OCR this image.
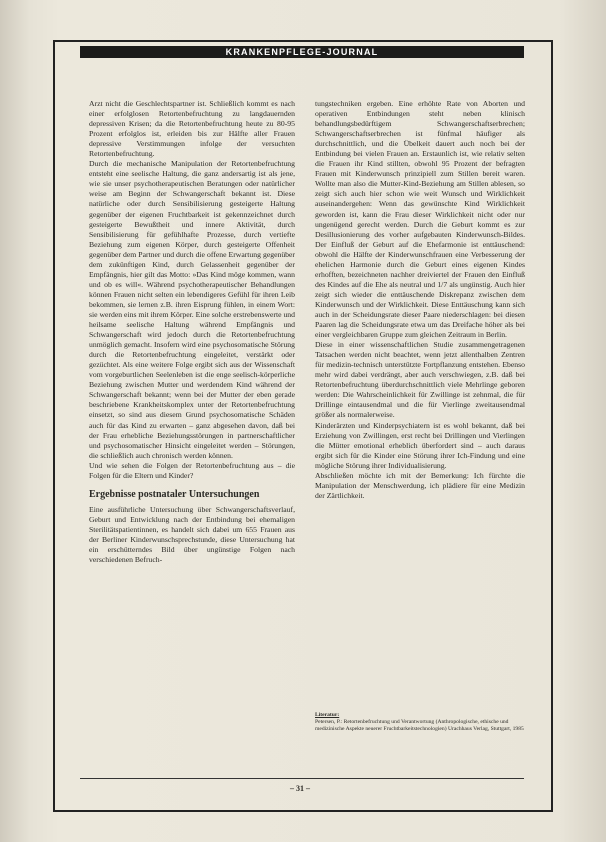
KRANKENPFLEGE-JOURNAL

Arzt nicht die Geschlechtspartner ist. Schließlich kommt es nach einer erfolglosen Retortenbefruchtung zu langdauernden depressiven Krisen; da die Retortenbefruchtung heute zu 80-95 Prozent erfolglos ist, erleiden bis zur Hälfte aller Frauen depressive Verstimmungen infolge der versuchten Retortenbefruchtung.

Durch die mechanische Manipulation der Retortenbefruchtung entsteht eine seelische Haltung, die ganz andersartig ist als jene, wie sie unser psychotherapeutischen Beratungen oder natürlicher weise am Beginn der Schwangerschaft bekannt ist. Diese natürliche oder durch Sensibilisierung gesteigerte Haltung gegenüber der eigenen Fruchtbarkeit ist gekennzeichnet durch gesteigerte Bewußtheit und innere Aktivität, durch Sensibilisierung für gefühlhafte Prozesse, durch vertiefte Beziehung zum eigenen Körper, durch gesteigerte Offenheit gegenüber dem Partner und durch die offene Erwartung gegenüber dem zukünftigen Kind, durch Gelassenheit gegenüber der Empfängnis, hier gilt das Motto: »Das Kind möge kommen, wann und ob es will«. Während psychotherapeutischer Behandlungen können Frauen nicht selten ein lebendigeres Gefühl für ihren Leib bekommen, sie lernen z.B. ihren Eisprung fühlen, in einem Wort: sie werden eins mit ihrem Körper. Eine solche erstrebenswerte und heilsame seelische Haltung während Empfängnis und Schwangerschaft wird jedoch durch die Retortenbefruchtung unmöglich gemacht. Insofern wird eine psychosomatische Störung durch die Retortenbefruchtung eingeleitet, verstärkt oder gezüchtet. Als eine weitere Folge ergibt sich aus der Wissenschaft vom vorgeburtlichen Seelenleben ist die enge seelisch-körperliche Beziehung zwischen Mutter und werdendem Kind während der Schwangerschaft bekannt; wenn bei der Mutter der eben gerade beschriebene Krankheitskomplex unter der Retortenbefruchtung einsetzt, so sind aus diesem Grund psychosomatische Schäden auch für das Kind zu erwarten – ganz abgesehen davon, daß bei der Frau erhebliche Beziehungsstörungen in partnerschaftlicher und psychosomatischer Hinsicht eingeleitet werden – Störungen, die schließlich auch chronisch werden können.

Und wie sehen die Folgen der Retortenbefruchtung aus – die Folgen für die Eltern und Kinder?

Ergebnisse postnataler Untersuchungen

Eine ausführliche Untersuchung über Schwangerschaftsverlauf, Geburt und Entwicklung nach der Entbindung bei ehemaligen Sterilitätspatientinnen, es handelt sich dabei um 655 Frauen aus der Berliner Kinderwunschsprechstunde, diese Untersuchung hat ein erschütterndes Bild über ungünstige Folgen nach verschiedenen Befruch-

tungstechniken ergeben. Eine erhöhte Rate von Aborten und operativen Entbindungen steht neben klinisch behandlungsbedürftigem Schwangerschaftserbrechen; Schwangerschaftserbrechen ist fünfmal häufiger als durchschnittlich, und die Übelkeit dauert auch noch bei der Entbindung bei vielen Frauen an. Erstaunlich ist, wie relativ selten die Frauen ihr Kind stillten, obwohl 95 Prozent der befragten Frauen mit Kinderwunsch prinzipiell zum Stillen bereit waren. Wollte man also die Mutter-Kind-Beziehung am Stillen ablesen, so zeigt sich auch hier schon wie weit Wunsch und Wirklichkeit auseinandergehen: Wenn das gewünschte Kind Wirklichkeit geworden ist, kann die Frau dieser Wirklichkeit nicht oder nur ungenügend gerecht werden. Durch die Geburt kommt es zur Desillusionierung des vorher aufgebauten Kinderwunsch-Bildes. Der Einfluß der Geburt auf die Ehefarmonie ist enttäuschend: obwohl die Hälfte der Kinderwunschfrauen eine Verbesserung der ehelichen Harmonie durch die Geburt eines eigenen Kindes erhofften, bezeichneten nachher dreiviertel der Frauen den Einfluß des Kindes auf die Ehe als neutral und 1/7 als ungünstig. Auch hier zeigt sich wieder die enttäuschende Diskrepanz zwischen dem Kinderwunsch und der Wirklichkeit. Diese Enttäuschung kann sich auch in der Scheidungsrate dieser Paare niederschlagen: bei diesen Paaren lag die Scheidungsrate etwa um das Dreifache höher als bei einer vergleichbaren Gruppe zum gleichen Zeitraum in Berlin.

Diese in einer wissenschaftlichen Studie zusammengetragenen Tatsachen werden nicht beachtet, wenn jetzt allenthalben Zentren für medizin-technisch unterstützte Fortpflanzung entstehen. Ebenso mehr wird dabei verdrängt, aber auch verschwiegen, z.B. daß bei Retortenbefruchtung überdurchschnittlich viele Mehrlinge geboren werden: Die Wahrscheinlichkeit für Zwillinge ist zehnmal, die für Drillinge eintausendmal und die für Vierlinge zweitausendmal größer als normalerweise.

Kinderärzten und Kinderpsychiatern ist es wohl bekannt, daß bei Erziehung von Zwillingen, erst recht bei Drillingen und Vierlingen die Mütter emotional erheblich überfordert sind – auch daraus ergibt sich für die Kinder eine Störung ihrer Ich-Findung und eine mögliche Störung ihrer Individualisierung.

Abschließen möchte ich mit der Bemerkung: Ich fürchte die Manipulation der Menschwerdung, ich plädiere für eine Medizin der Zärtlichkeit.

Literatur:
Petersen, P.: Retortenbefruchtung und Verantwortung (Anthropologische, ethische und medizinische Aspekte neuerer Fruchtbarkeitstechnologien) Urachhaus Verlag, Stuttgart, 1985
– 31 –
